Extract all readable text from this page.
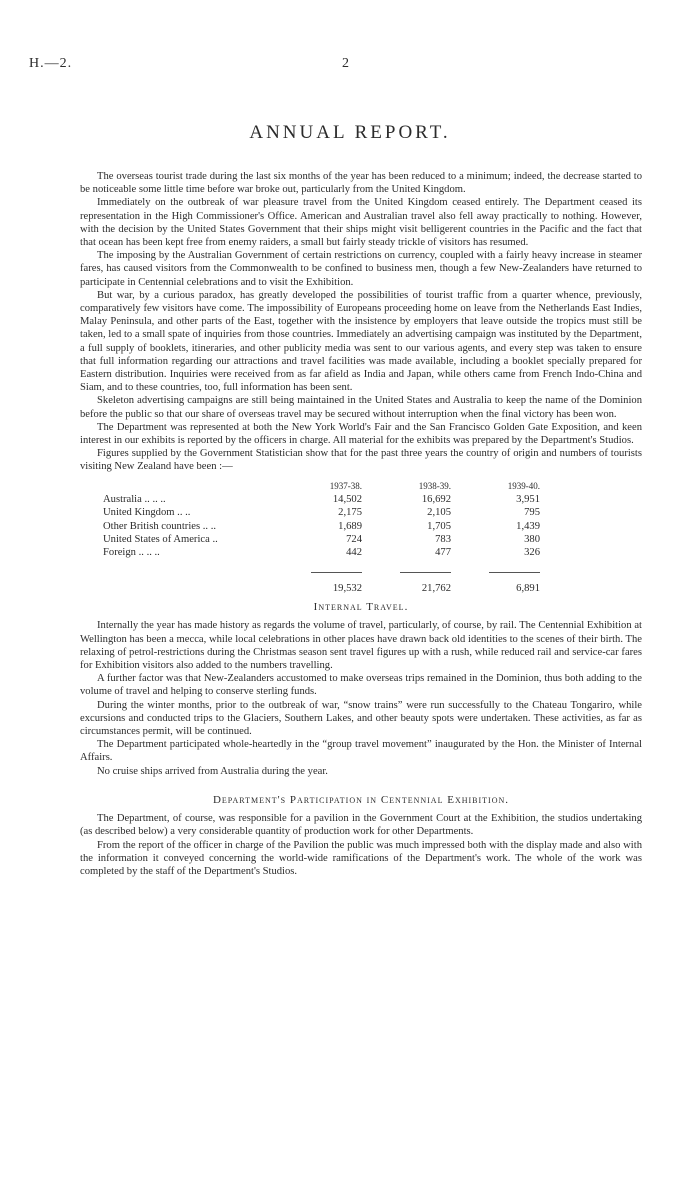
H.—2.	2
ANNUAL REPORT.

The overseas tourist trade during the last six months of the year has been reduced to a minimum; indeed, the decrease started to be noticeable some little time before war broke out, particularly from the United Kingdom.

Immediately on the outbreak of war pleasure travel from the United Kingdom ceased entirely. The Department ceased its representation in the High Commissioner's Office. American and Australian travel also fell away practically to nothing. However, with the decision by the United States Government that their ships might visit belligerent countries in the Pacific and the fact that that ocean has been kept free from enemy raiders, a small but fairly steady trickle of visitors has resumed.

The imposing by the Australian Government of certain restrictions on currency, coupled with a fairly heavy increase in steamer fares, has caused visitors from the Commonwealth to be confined to business men, though a few New-Zealanders have returned to participate in Centennial celebrations and to visit the Exhibition.

But war, by a curious paradox, has greatly developed the possibilities of tourist traffic from a quarter whence, previously, comparatively few visitors have come. The impossibility of Europeans proceeding home on leave from the Netherlands East Indies, Malay Peninsula, and other parts of the East, together with the insistence by employers that leave outside the tropics must still be taken, led to a small spate of inquiries from those countries. Immediately an advertising campaign was instituted by the Department, a full supply of booklets, itineraries, and other publicity media was sent to our various agents, and every step was taken to ensure that full information regarding our attractions and travel facilities was made available, including a booklet specially prepared for Eastern distribution. Inquiries were received from as far afield as India and Japan, while others came from French Indo-China and Siam, and to these countries, too, full information has been sent.

Skeleton advertising campaigns are still being maintained in the United States and Australia to keep the name of the Dominion before the public so that our share of overseas travel may be secured without interruption when the final victory has been won.

The Department was represented at both the New York World's Fair and the San Francisco Golden Gate Exposition, and keen interest in our exhibits is reported by the officers in charge. All material for the exhibits was prepared by the Department's Studios.

Figures supplied by the Government Statistician show that for the past three years the country of origin and numbers of tourists visiting New Zealand have been :—

	1937-38.		1938-39.		1939-40.
Australia .. .. ..	14,502		16,692		3,951
United Kingdom .. ..	2,175		2,105		795
Other British countries .. ..	1,689		1,705		1,439
United States of America ..	724		783		380
Foreign .. .. ..	442		477		326

	19,532		21,762		6,891
Internal Travel.

Internally the year has made history as regards the volume of travel, particularly, of course, by rail. The Centennial Exhibition at Wellington has been a mecca, while local celebrations in other places have drawn back old identities to the scenes of their birth. The relaxing of petrol-restrictions during the Christmas season sent travel figures up with a rush, while reduced rail and service-car fares for Exhibition visitors also added to the numbers travelling.

A further factor was that New-Zealanders accustomed to make overseas trips remained in the Dominion, thus both adding to the volume of travel and helping to conserve sterling funds.

During the winter months, prior to the outbreak of war, “snow trains” were run successfully to the Chateau Tongariro, while excursions and conducted trips to the Glaciers, Southern Lakes, and other beauty spots were undertaken. These activities, as far as circumstances permit, will be continued.

The Department participated whole-heartedly in the “group travel movement” inaugurated by the Hon. the Minister of Internal Affairs.

No cruise ships arrived from Australia during the year.

Department's Participation in Centennial Exhibition.

The Department, of course, was responsible for a pavilion in the Government Court at the Exhibition, the studios undertaking (as described below) a very considerable quantity of production work for other Departments.

From the report of the officer in charge of the Pavilion the public was much impressed both with the display made and also with the information it conveyed concerning the world-wide ramifications of the Department's work. The whole of the work was completed by the staff of the Department's Studios.
